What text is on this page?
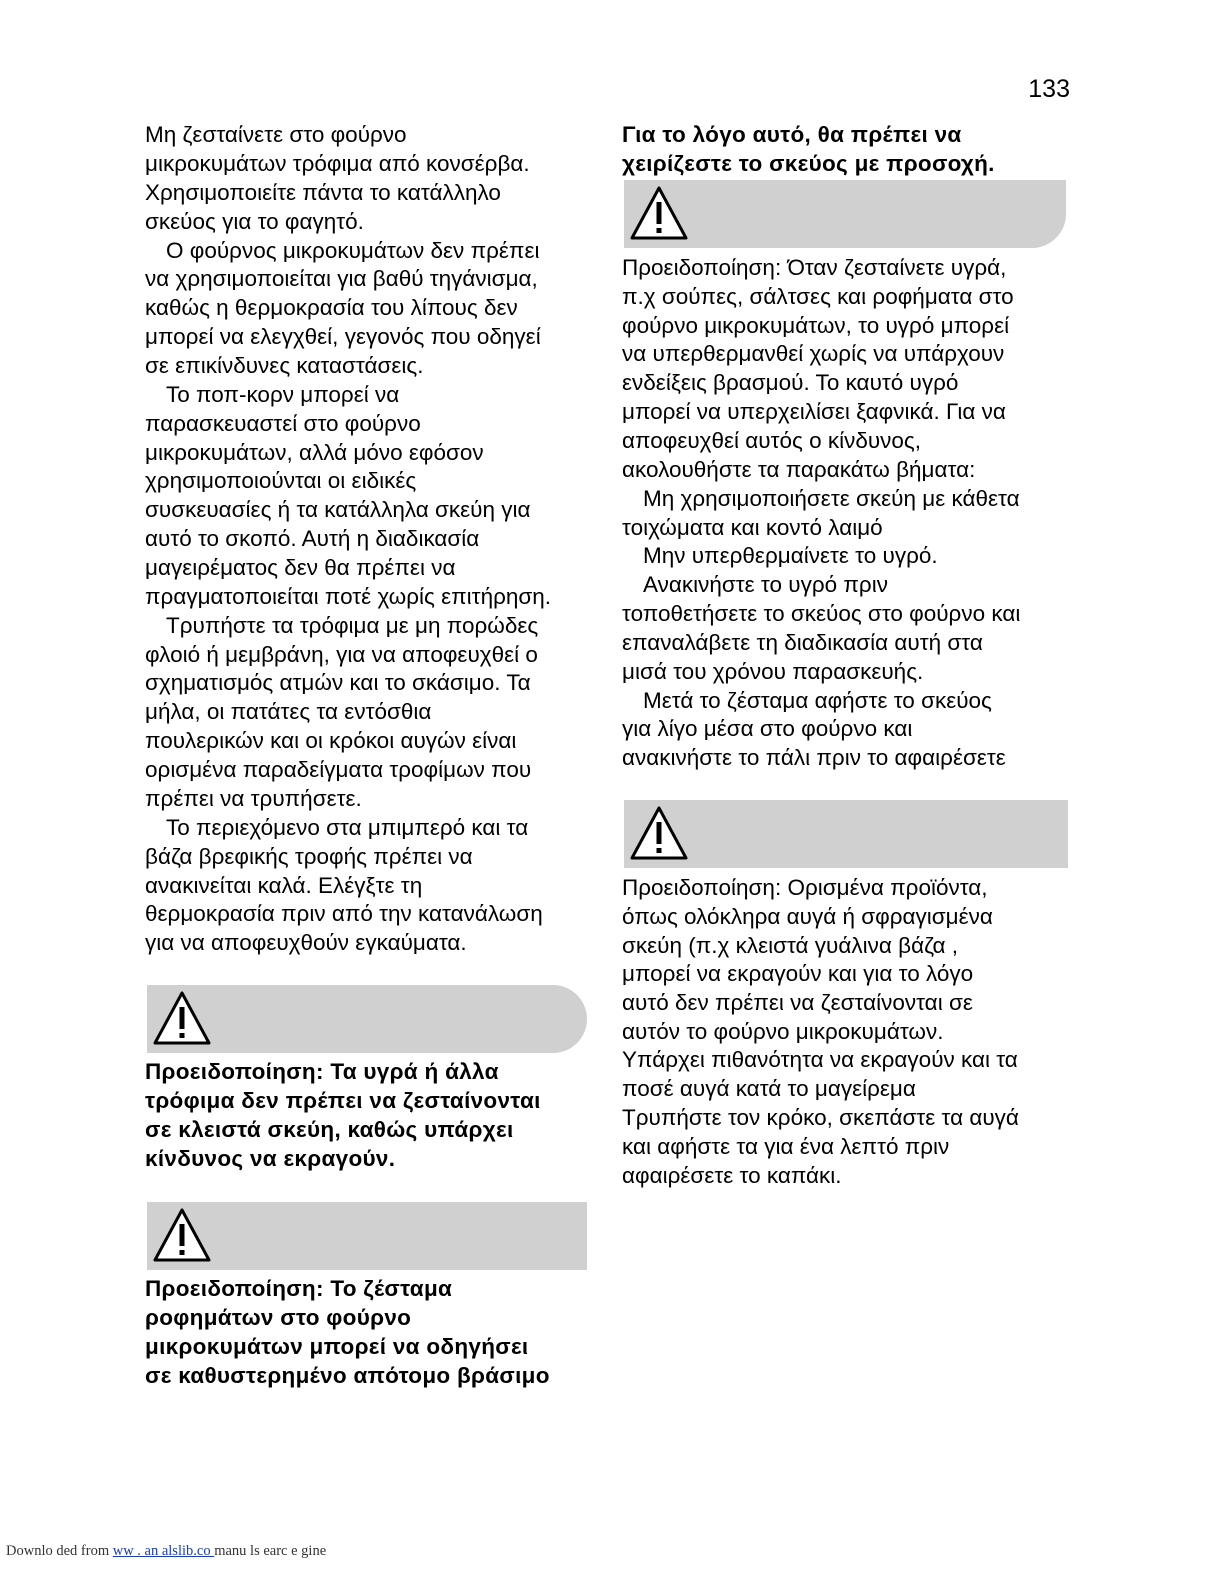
133
Μη ζεσταίνετε στο φούρνο
μικροκυμάτων τρόφιμα από κονσέρβα.
Χρησιμοποιείτε πάντα το κατάλληλο
σκεύος για το φαγητό.
Ο φούρνος μικροκυμάτων δεν πρέπει
να χρησιμοποιείται για βαθύ τηγάνισμα,
καθώς η θερμοκρασία του λίπους δεν
μπορεί να ελεγχθεί, γεγονός που οδηγεί
σε επικίνδυνες καταστάσεις.
Το ποπ-κορν μπορεί να
παρασκευαστεί στο φούρνο
μικροκυμάτων, αλλά μόνο εφόσον
χρησιμοποιούνται οι ειδικές
συσκευασίες ή τα κατάλληλα σκεύη για
αυτό το σκοπό. Αυτή η διαδικασία
μαγειρέματος δεν θα πρέπει να
πραγματοποιείται ποτέ χωρίς επιτήρηση.
Τρυπήστε τα τρόφιμα με μη πορώδες
φλοιό ή μεμβράνη, για να αποφευχθεί ο
σχηματισμός ατμών και το σκάσιμο. Τα
μήλα, οι πατάτες τα εντόσθια
πουλερικών και οι κρόκοι αυγών είναι
ορισμένα παραδείγματα τροφίμων που
πρέπει να τρυπήσετε.
Το περιεχόμενο στα μπιμπερό και τα
βάζα βρεφικής τροφής πρέπει να
ανακινείται καλά. Ελέγξτε τη
θερμοκρασία πριν από την κατανάλωση
για να αποφευχθούν εγκαύματα.
Προειδοποίηση: Τα υγρά ή άλλα
τρόφιμα δεν πρέπει να ζεσταίνονται
σε κλειστά σκεύη, καθώς υπάρχει
κίνδυνος να εκραγούν.
Προειδοποίηση: Το ζέσταμα
ροφημάτων στο φούρνο
μικροκυμάτων μπορεί να οδηγήσει
σε καθυστερημένο απότομο βράσιμο
Για το λόγο αυτό, θα πρέπει να
χειρίζεστε το σκεύος με προσοχή.
Προειδοποίηση: Όταν ζεσταίνετε υγρά,
π.χ σούπες, σάλτσες και ροφήματα στο
φούρνο μικροκυμάτων, το υγρό μπορεί
να υπερθερμανθεί χωρίς να υπάρχουν
ενδείξεις βρασμού. Το καυτό υγρό
μπορεί να υπερχειλίσει ξαφνικά. Για να
αποφευχθεί αυτός ο κίνδυνος,
ακολουθήστε τα παρακάτω βήματα:
Μη χρησιμοποιήσετε σκεύη με κάθετα
τοιχώματα και κοντό λαιμό
Μην υπερθερμαίνετε το υγρό.
Ανακινήστε το υγρό πριν
τοποθετήσετε το σκεύος στο φούρνο και
επαναλάβετε τη διαδικασία αυτή στα
μισά του χρόνου παρασκευής.
Μετά το ζέσταμα αφήστε το σκεύος
για λίγο μέσα στο φούρνο και
ανακινήστε το πάλι πριν το αφαιρέσετε
Προειδοποίηση: Ορισμένα προϊόντα,
όπως ολόκληρα αυγά ή σφραγισμένα
σκεύη (π.χ κλειστά γυάλινα βάζα ,
μπορεί να εκραγούν και για το λόγο
αυτό δεν πρέπει να ζεσταίνονται σε
αυτόν το φούρνο μικροκυμάτων.
Υπάρχει πιθανότητα να εκραγούν και τα
ποσέ αυγά κατά το μαγείρεμα
Τρυπήστε τον κρόκο, σκεπάστε τα αυγά
και αφήστε τα για ένα λεπτό πριν
αφαιρέσετε το καπάκι.
Downlo ded from ww . an alslib.co manu ls earc e gine
